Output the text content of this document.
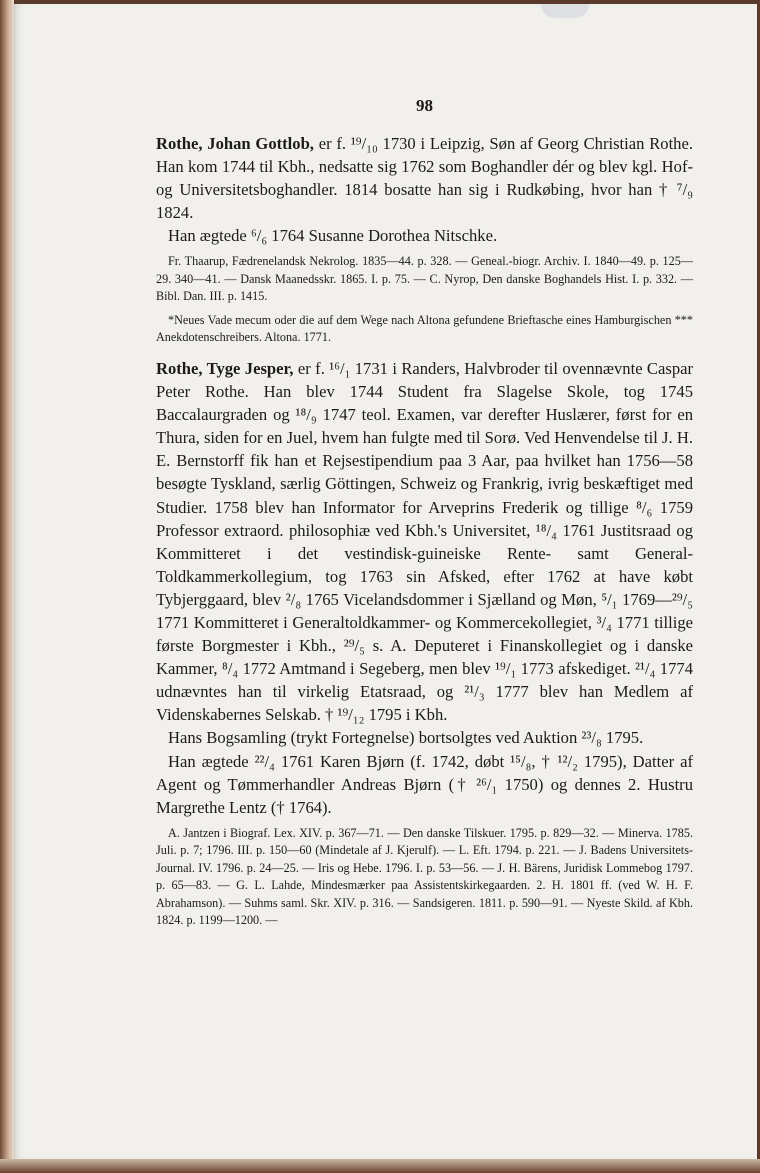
98

Rothe, Johan Gottlob, er f. ¹⁹/₁₀ 1730 i Leipzig, Søn af Georg Christian Rothe. Han kom 1744 til Kbh., nedsatte sig 1762 som Boghandler dér og blev kgl. Hof- og Universitetsboghandler. 1814 bosatte han sig i Rudkøbing, hvor han † ⁷/₉ 1824.

Han ægtede ⁶/₆ 1764 Susanne Dorothea Nitschke.

Fr. Thaarup, Fædrenelandsk Nekrolog. 1835—44. p. 328. — Geneal.-biogr. Archiv. I. 1840—49. p. 125—29. 340—41. — Dansk Maanedsskr. 1865. I. p. 75. — C. Nyrop, Den danske Boghandels Hist. I. p. 332. — Bibl. Dan. III. p. 1415.

*Neues Vade mecum oder die auf dem Wege nach Altona gefundene Brieftasche eines Hamburgischen *** Anekdotenschreibers. Altona. 1771.

Rothe, Tyge Jesper, er f. ¹⁶/₁ 1731 i Randers, Halvbroder til ovennævnte Caspar Peter Rothe. Han blev 1744 Student fra Slagelse Skole, tog 1745 Baccalaurgraden og ¹⁸/₉ 1747 teol. Examen, var derefter Huslærer, først for en Thura, siden for en Juel, hvem han fulgte med til Sorø. Ved Henvendelse til J. H. E. Bernstorff fik han et Rejsestipendium paa 3 Aar, paa hvilket han 1756—58 besøgte Tyskland, særlig Göttingen, Schweiz og Frankrig, ivrig beskæftiget med Studier. 1758 blev han Informator for Arveprins Frederik og tillige ⁸/₆ 1759 Professor extraord. philosophiæ ved Kbh.'s Universitet, ¹⁸/₄ 1761 Justitsraad og Kommitteret i det vestindisk-guineiske Rente- samt General-Toldkammerkollegium, tog 1763 sin Afsked, efter 1762 at have købt Tybjerggaard, blev ²/₈ 1765 Vicelandsdommer i Sjælland og Møn, ⁵/₁ 1769—²⁹/₅ 1771 Kommitteret i Generaltoldkammer- og Kommercekollegiet, ³/₄ 1771 tillige første Borgmester i Kbh., ²⁹/₅ s. A. Deputeret i Finanskollegiet og i danske Kammer, ⁸/₄ 1772 Amtmand i Segeberg, men blev ¹⁹/₁ 1773 afskediget. ²¹/₄ 1774 udnævntes han til virkelig Etatsraad, og ²¹/₃ 1777 blev han Medlem af Videnskabernes Selskab. † ¹⁹/₁₂ 1795 i Kbh.

Hans Bogsamling (trykt Fortegnelse) bortsolgtes ved Auktion ²³/₈ 1795.

Han ægtede ²²/₄ 1761 Karen Bjørn (f. 1742, døbt ¹⁵/₈, † ¹²/₂ 1795), Datter af Agent og Tømmerhandler Andreas Bjørn († ²⁶/₁ 1750) og dennes 2. Hustru Margrethe Lentz († 1764).

A. Jantzen i Biograf. Lex. XIV. p. 367—71. — Den danske Tilskuer. 1795. p. 829—32. — Minerva. 1785. Juli. p. 7; 1796. III. p. 150—60 (Mindetale af J. Kjerulf). — L. Eft. 1794. p. 221. — J. Badens Universitets-Journal. IV. 1796. p. 24—25. — Iris og Hebe. 1796. I. p. 53—56. — J. H. Bärens, Juridisk Lommebog 1797. p. 65—83. — G. L. Lahde, Mindesmærker paa Assistentskirkegaarden. 2. H. 1801 ff. (ved W. H. F. Abrahamson). — Suhms saml. Skr. XIV. p. 316. — Sandsigeren. 1811. p. 590—91. — Nyeste Skild. af Kbh. 1824. p. 1199—1200. —
